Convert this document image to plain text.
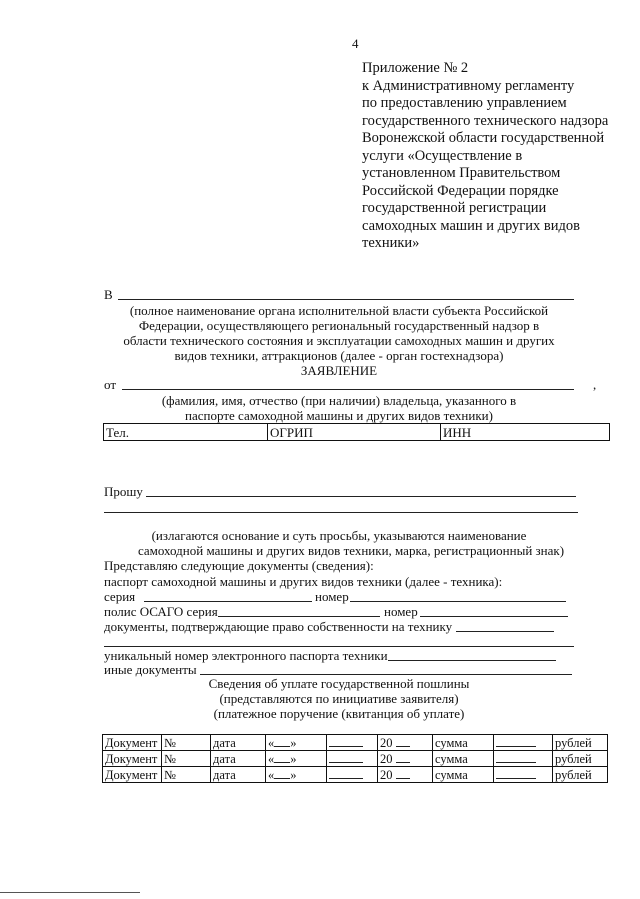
4
Приложение № 2
к Административному регламенту
по предоставлению управлением
государственного технического надзора
Воронежской области государственной
услуги «Осуществление в
установленном Правительством
Российской Федерации порядке
государственной регистрации
самоходных машин и других видов
техники»
В
(полное наименование органа исполнительной власти субъекта Российской
Федерации, осуществляющего региональный государственный надзор в
области технического состояния и эксплуатации самоходных машин и других
видов техники, аттракционов (далее - орган гостехнадзора)
ЗАЯВЛЕНИЕ
от	,
(фамилия, имя, отчество (при наличии) владельца, указанного в
паспорте самоходной машины и других видов техники)
Тел.	ОГРИП	ИНН
Прошу
(излагаются основание и суть просьбы, указываются наименование
самоходной машины и других видов техники, марка, регистрационный знак)
Представляю следующие документы (сведения):
паспорт самоходной машины и других видов техники (далее - техника):
серия	номер
полис ОСАГО серия	номер
документы, подтверждающие право собственности на технику
уникальный номер электронного паспорта техники
иные документы
Сведения об уплате государственной пошлины
(представляются по инициативе заявителя)
(платежное поручение (квитанция об уплате)
Документ	№	дата	« »		20	сумма		рублей
Документ	№	дата	« »		20	сумма		рублей
Документ	№	дата	« »		20	сумма		рублей
